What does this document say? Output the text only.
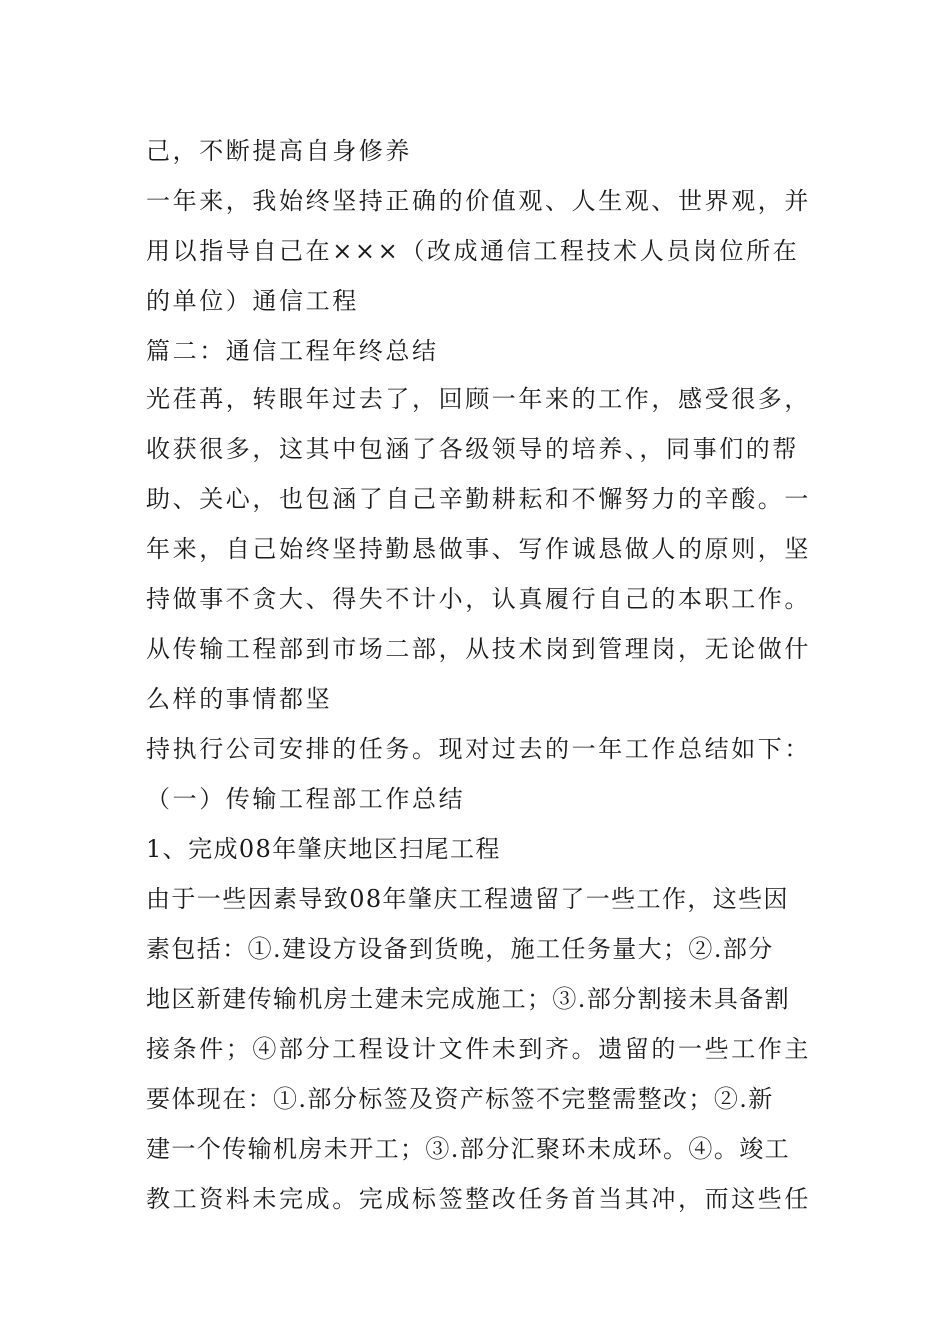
己，不断提高自身修养
一年来，我始终坚持正确的价值观、人生观、世界观，并
用以指导自己在×××（改成通信工程技术人员岗位所在
的单位）通信工程
篇二：通信工程年终总结
光荏苒，转眼年过去了，回顾一年来的工作，感受很多，
收获很多，这其中包涵了各级领导的培养、，同事们的帮
助、关心，也包涵了自己辛勤耕耘和不懈努力的辛酸。一
年来，自己始终坚持勤恳做事、写作诚恳做人的原则，坚
持做事不贪大、得失不计小，认真履行自己的本职工作。
从传输工程部到市场二部，从技术岗到管理岗，无论做什
么样的事情都坚
持执行公司安排的任务。现对过去的一年工作总结如下：
（一）传输工程部工作总结
1、完成08年肇庆地区扫尾工程
由于一些因素导致08年肇庆工程遗留了一些工作，这些因
素包括：①.建设方设备到货晚，施工任务量大；②.部分
地区新建传输机房土建未完成施工；③.部分割接未具备割
接条件；④部分工程设计文件未到齐。遗留的一些工作主
要体现在：①.部分标签及资产标签不完整需整改；②.新
建一个传输机房未开工；③.部分汇聚环未成环。④。竣工
教工资料未完成。完成标签整改任务首当其冲，而这些任
